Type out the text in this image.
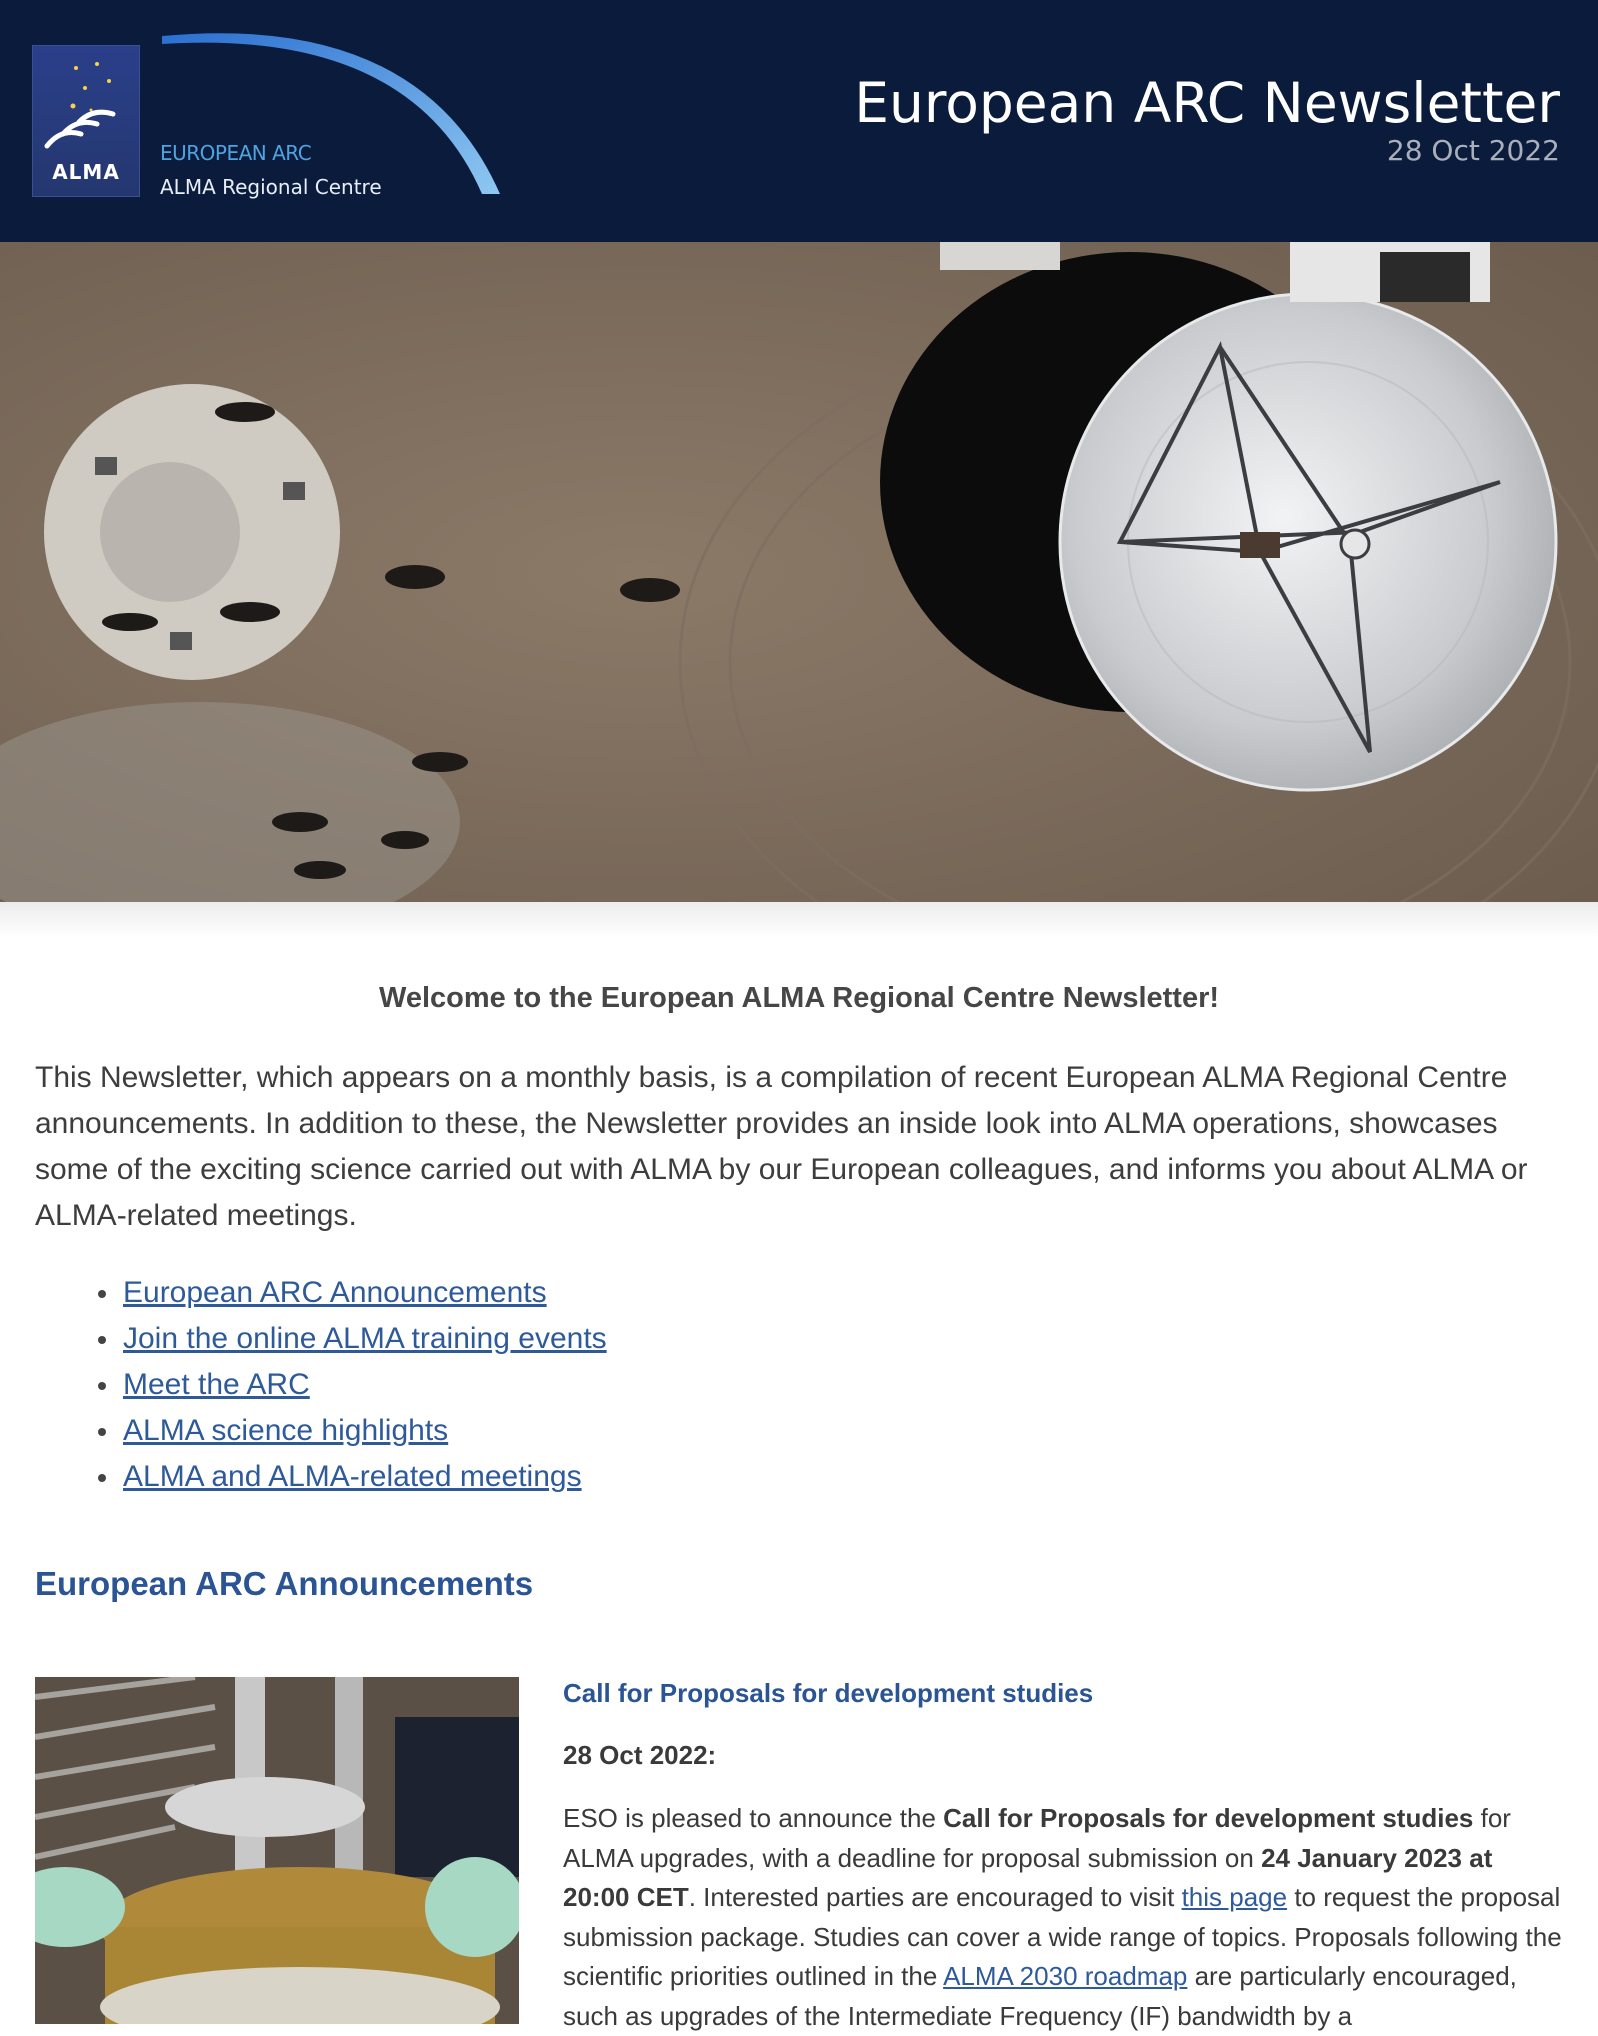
ALMA
EUROPEAN ARC
ALMA Regional Centre
European ARC Newsletter
28 Oct 2022
Welcome to the European ALMA Regional Centre Newsletter!

This Newsletter, which appears on a monthly basis, is a compilation of recent European ALMA Regional Centre announcements. In addition to these, the Newsletter provides an inside look into ALMA operations, showcases some of the exciting science carried out with ALMA by our European colleagues, and informs you about ALMA or ALMA-related meetings.

European ARC Announcements
Join the online ALMA training events
Meet the ARC
ALMA science highlights
ALMA and ALMA-related meetings
European ARC Announcements
Call for Proposals for development studies
28 Oct 2022:
ESO is pleased to announce the Call for Proposals for development studies for ALMA upgrades, with a deadline for proposal submission on 24 January 2023 at 20:00 CET. Interested parties are encouraged to visit this page to request the proposal submission package. Studies can cover a wide range of topics. Proposals following the scientific priorities outlined in the ALMA 2030 roadmap are particularly encouraged, such as upgrades of the Intermediate Frequency (IF) bandwidth by a
